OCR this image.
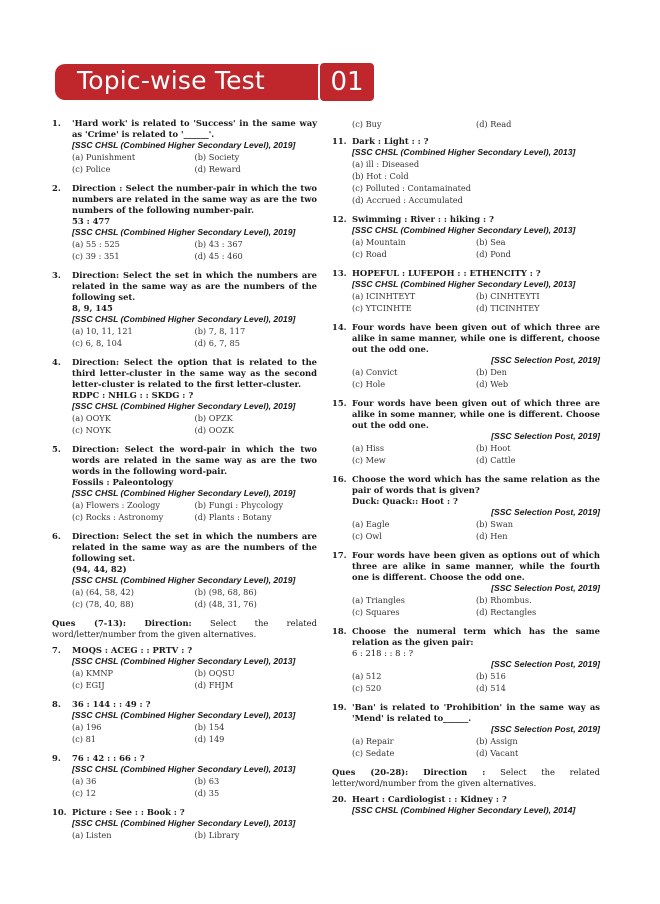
Topic-wise Test	01
1.	'Hard work' is related to 'Success' in the same way as 'Crime' is related to '______'.
[SSC CHSL (Combined Higher Secondary Level), 2019]
(a) Punishment	(b) Society
(c) Police	(d) Reward
2.	Direction : Select the number-pair in which the two numbers are related in the same way as are the two numbers of the following number-pair.
53 : 477
[SSC CHSL (Combined Higher Secondary Level), 2019]
(a) 55 : 525	(b) 43 : 367
(c) 39 : 351	(d) 45 : 460
3.	Direction: Select the set in which the numbers are related in the same way as are the numbers of the following set.
8, 9, 145
[SSC CHSL (Combined Higher Secondary Level), 2019]
(a) 10, 11, 121	(b) 7, 8, 117
(c) 6, 8, 104	(d) 6, 7, 85
4.	Direction: Select the option that is related to the third letter-cluster in the same way as the second letter-cluster is related to the first letter-cluster.
RDPC : NHLG : : SKDG : ?
[SSC CHSL (Combined Higher Secondary Level), 2019]
(a) OOYK	(b) OPZK
(c) NOYK	(d) OOZK
5.	Direction: Select the word-pair in which the two words are related in the same way as are the two words in the following word-pair.
Fossils : Paleontology
[SSC CHSL (Combined Higher Secondary Level), 2019]
(a) Flowers : Zoology	(b) Fungi : Phycology
(c) Rocks : Astronomy	(d) Plants : Botany
6.	Direction: Select the set in which the numbers are related in the same way as are the numbers of the following set.
(94, 44, 82)
[SSC CHSL (Combined Higher Secondary Level), 2019]
(a) (64, 58, 42)	(b) (98, 68, 86)
(c) (78, 40, 88)	(d) (48, 31, 76)
Ques (7-13): Direction: Select the related word/letter/number from the given alternatives.
7.	MOQS : ACEG : : PRTV : ?
[SSC CHSL (Combined Higher Secondary Level), 2013]
(a) KMNP	(b) OQSU
(c) EGIJ	(d) FHJM
8.	36 : 144 : : 49 : ?
[SSC CHSL (Combined Higher Secondary Level), 2013]
(a) 196	(b) 154
(c) 81	(d) 149
9.	76 : 42 : : 66 : ?
[SSC CHSL (Combined Higher Secondary Level), 2013]
(a) 36	(b) 63
(c) 12	(d) 35
10. Picture : See : : Book : ?
[SSC CHSL (Combined Higher Secondary Level), 2013]
(a) Listen	(b) Library
(c) Buy	(d) Read
11. Dark : Light : : ?
[SSC CHSL (Combined Higher Secondary Level), 2013]
(a) ill : Diseased
(b) Hot : Cold
(c) Polluted : Contamainated
(d) Accrued : Accumulated
12. Swimming : River : : hiking : ?
[SSC CHSL (Combined Higher Secondary Level), 2013]
(a) Mountain	(b) Sea
(c) Road	(d) Pond
13. HOPEFUL : LUFEPOH : : ETHENCITY : ?
[SSC CHSL (Combined Higher Secondary Level), 2013]
(a) ICINHTEYT	(b) CINHTEYTI
(c) YTCINHTE	(d) TICINHTEY
14. Four words have been given out of which three are alike in same manner, while one is different, choose out the odd one.
[SSC Selection Post, 2019]
(a) Convict	(b) Den
(c) Hole	(d) Web
15. Four words have been given out of which three are alike in some manner, while one is different. Choose out the odd one.
[SSC Selection Post, 2019]
(a) Hiss	(b) Hoot
(c) Mew	(d) Cattle
16. Choose the word which has the same relation as the pair of words that is given?
Duck: Quack:: Hoot : ?
[SSC Selection Post, 2019]
(a) Eagle	(b) Swan
(c) Owl	(d) Hen
17. Four words have been given as options out of which three are alike in same manner, while the fourth one is different. Choose the odd one.
[SSC Selection Post, 2019]
(a) Triangles	(b) Rhombus.
(c) Squares	(d) Rectangles
18. Choose the numeral term which has the same relation as the given pair:
6 : 218 : : 8 : ?
[SSC Selection Post, 2019]
(a) 512	(b) 516
(c) 520	(d) 514
19. 'Ban' is related to 'Prohibition' in the same way as 'Mend' is related to______.
[SSC Selection Post, 2019]
(a) Repair	(b) Assign
(c) Sedate	(d) Vacant
Ques (20-28): Direction : Select the related letter/word/number from the given alternatives.
20. Heart : Cardiologist : : Kidney : ?
[SSC CHSL (Combined Higher Secondary Level), 2014]
